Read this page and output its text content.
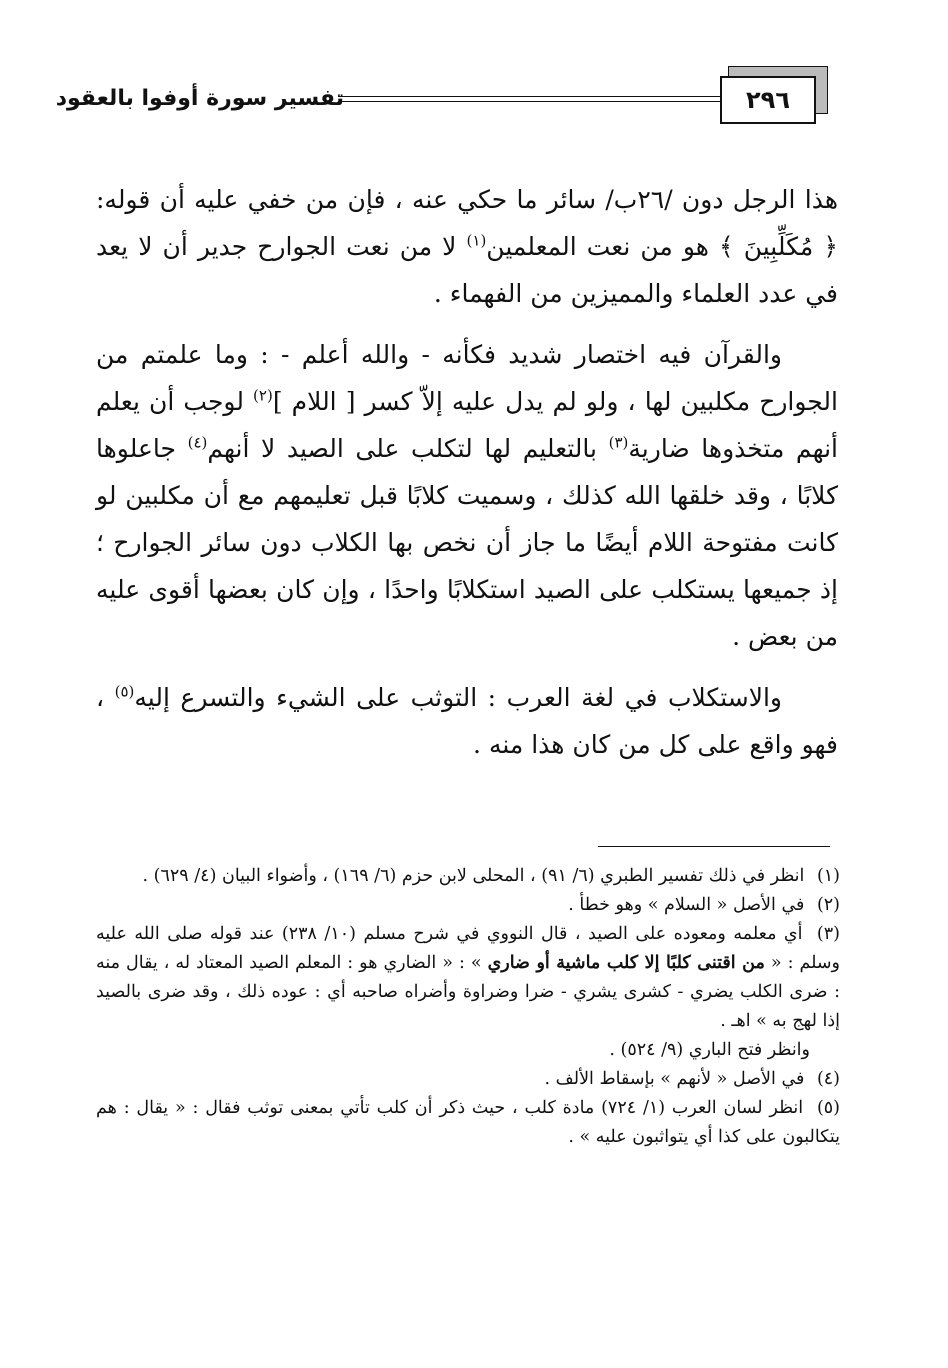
٢٩٦
تفسير سورة أوفوا بالعقود

هذا الرجل دون /٢٦ب/ سائر ما حكي عنه ، فإن من خفي عليه أن قوله: ﴿ مُكَلِّبِينَ ﴾ هو من نعت المعلمين$^{(١)}$ لا من نعت الجوارح جدير أن لا يعد في عدد العلماء والمميزين من الفهماء .

والقرآن فيه اختصار شديد فكأنه - والله أعلم - : وما علمتم من الجوارح مكلبين لها ، ولو لم يدل عليه إلاّ كسر [ اللام ]$^{(٢)}$ لوجب أن يعلم أنهم متخذوها ضارية$^{(٣)}$ بالتعليم لها لتكلب على الصيد لا أنهم$^{(٤)}$ جاعلوها كلابًا ، وقد خلقها الله كذلك ، وسميت كلابًا قبل تعليمهم مع أن مكلبين لو كانت مفتوحة اللام أيضًا ما جاز أن نخص بها الكلاب دون سائر الجوارح ؛ إذ جميعها يستكلب على الصيد استكلابًا واحدًا ، وإن كان بعضها أقوى عليه من بعض .

والاستكلاب في لغة العرب : التوثب على الشيء والتسرع إليه$^{(٥)}$ ، فهو واقع على كل من كان هذا منه .

(١) انظر في ذلك تفسير الطبري (٦/ ٩١) ، المحلى لابن حزم (٦/ ١٦٩) ، وأضواء البيان (٤/ ٦٢٩) .

(٢) في الأصل « السلام » وهو خطأ .

(٣) أي معلمه ومعوده على الصيد ، قال النووي في شرح مسلم (١٠/ ٢٣٨) عند قوله صلى الله عليه وسلم : « من اقتنى كلبًا إلا كلب ماشية أو ضاري » : « الضاري هو : المعلم الصيد المعتاد له ، يقال منه : ضرى الكلب يضري - كشرى يشري - ضرا وضراوة وأضراه صاحبه أي : عوده ذلك ، وقد ضرى بالصيد إذا لهج به » اهـ .

وانظر فتح الباري (٩/ ٥٢٤) .

(٤) في الأصل « لأنهم » بإسقاط الألف .

(٥) انظر لسان العرب (١/ ٧٢٤) مادة كلب ، حيث ذكر أن كلب تأتي بمعنى توثب فقال : « يقال : هم يتكالبون على كذا أي يتواثبون عليه » .
